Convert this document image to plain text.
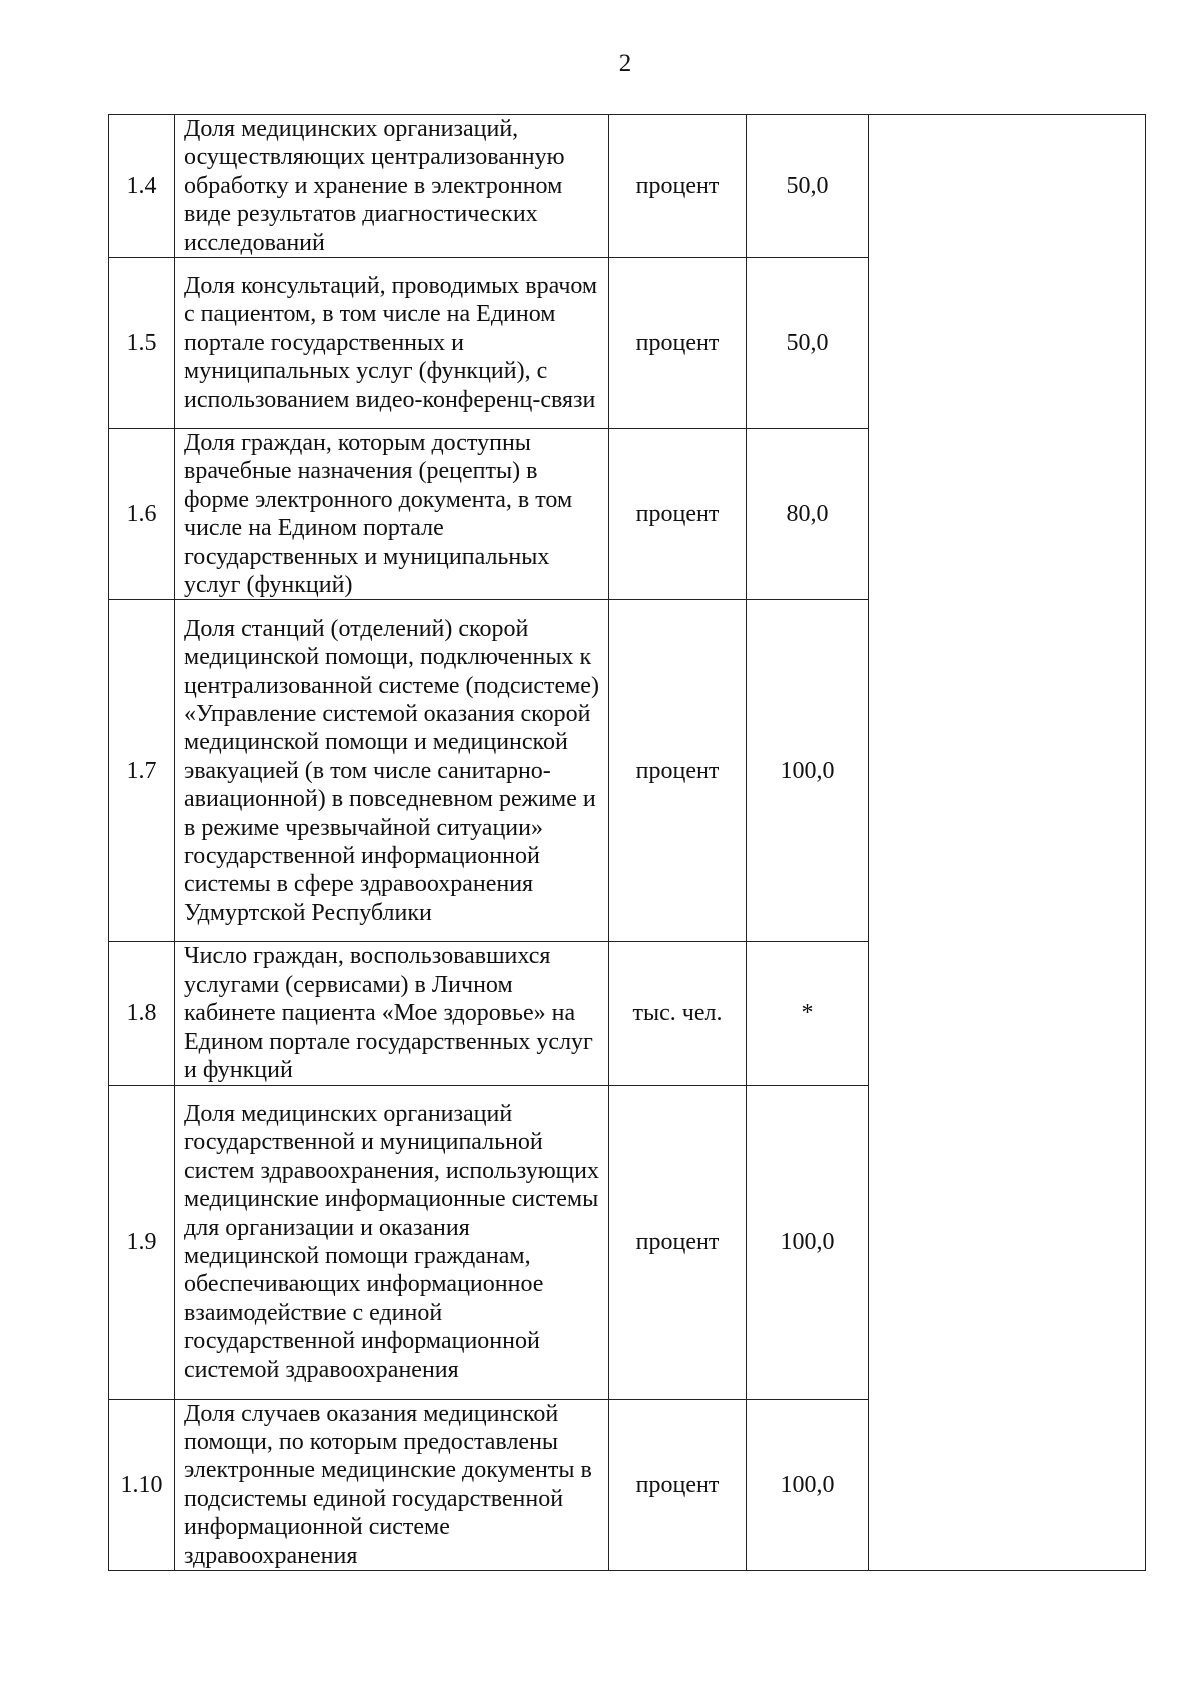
2
1.4	Доля медицинских организаций, осуществляющих централизованную обработку и хранение в электронном виде результатов диагностических исследований	процент	50,0	
1.5	Доля консультаций, проводимых врачом с пациентом, в том числе на Едином портале государственных и муниципальных услуг (функций), с использованием видео-конференц-связи	процент	50,0	
1.6	Доля граждан, которым доступны врачебные назначения (рецепты) в форме электронного документа, в том числе на Едином портале государственных и муниципальных услуг (функций)	процент	80,0	
1.7	Доля станций (отделений) скорой медицинской помощи, подключенных к централизованной системе (подсистеме) «Управление системой оказания скорой медицинской помощи и медицинской эвакуацией (в том числе санитарно-авиационной) в повседневном режиме и в режиме чрезвычайной ситуации» государственной информационной системы в сфере здравоохранения Удмуртской Республики	процент	100,0	
1.8	Число граждан, воспользовавшихся услугами (сервисами) в Личном кабинете пациента «Мое здоровье» на Едином портале государственных услуг и функций	тыс. чел.	*	
1.9	Доля медицинских организаций государственной и муниципальной систем здравоохранения, использующих медицинские информационные системы для организации и оказания медицинской помощи гражданам, обеспечивающих информационное взаимодействие с единой государственной информационной системой здравоохранения	процент	100,0	
1.10	Доля случаев оказания медицинской помощи, по которым предоставлены электронные медицинские документы в подсистемы единой государственной информационной системе здравоохранения	процент	100,0	
